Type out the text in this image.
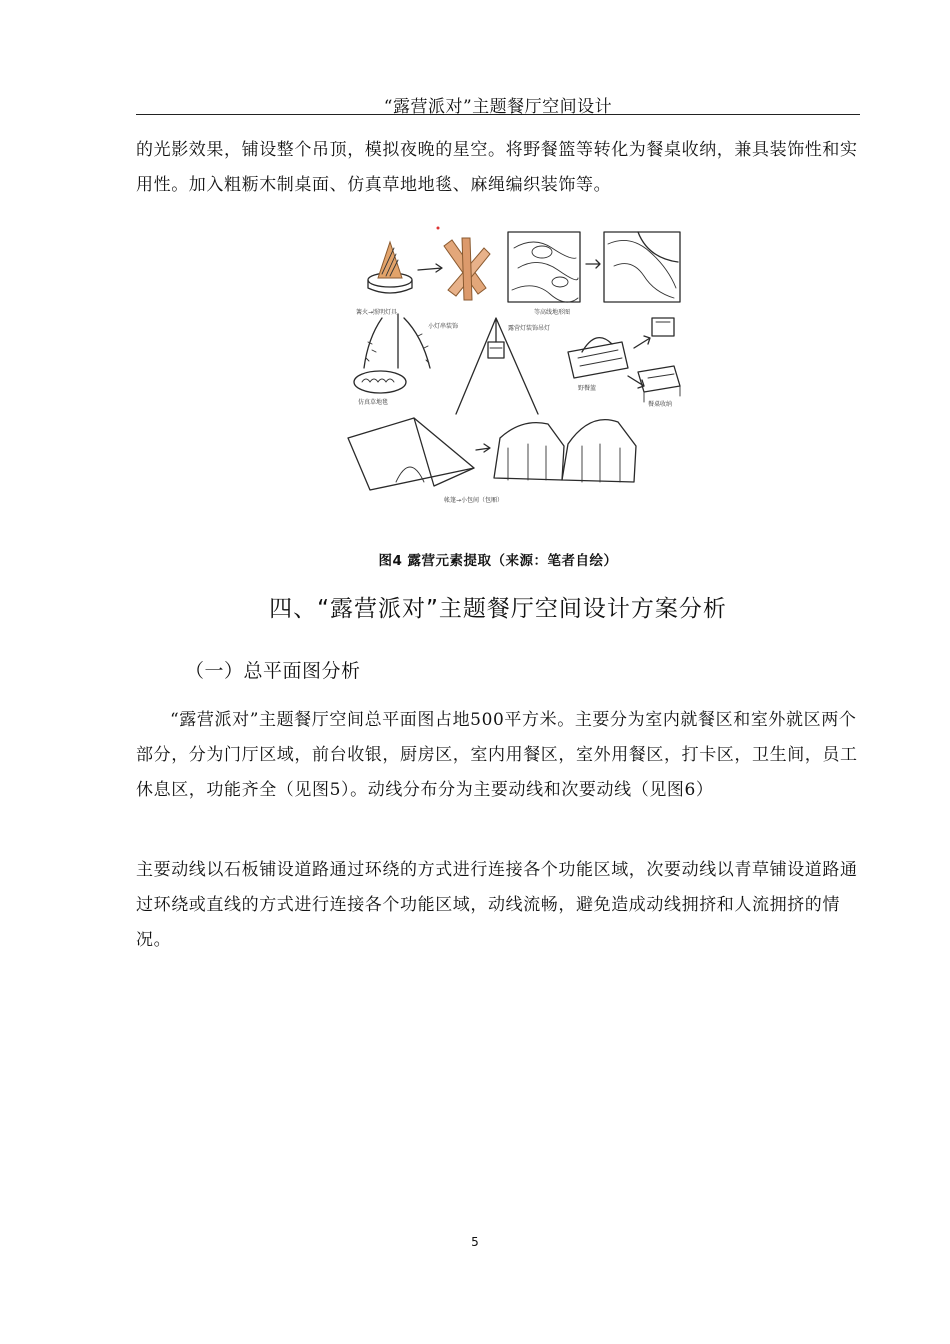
“露营派对”主题餐厅空间设计

的光影效果，铺设整个吊顶，模拟夜晚的星空。将野餐篮等转化为餐桌收纳，兼具装饰性和实用性。加入粗粝木制桌面、仿真草地地毯、麻绳编织装饰等。

篝火→照明灯具	等高线地形图
小灯串装饰
仿真草地毯
露营灯装饰吊灯
野餐篮
餐桌收纳
帐篷→小包间（包厢）
图4 露营元素提取（来源：笔者自绘）
四、“露营派对”主题餐厅空间设计方案分析
（一）总平面图分析

“露营派对”主题餐厅空间总平面图占地500平方米。主要分为室内就餐区和室外就区两个部分，分为门厅区域，前台收银，厨房区，室内用餐区，室外用餐区，打卡区，卫生间，员工休息区，功能齐全（见图5）。动线分布分为主要动线和次要动线（见图6）

主要动线以石板铺设道路通过环绕的方式进行连接各个功能区域，次要动线以青草铺设道路通过环绕或直线的方式进行连接各个功能区域，动线流畅，避免造成动线拥挤和人流拥挤的情况。

5
